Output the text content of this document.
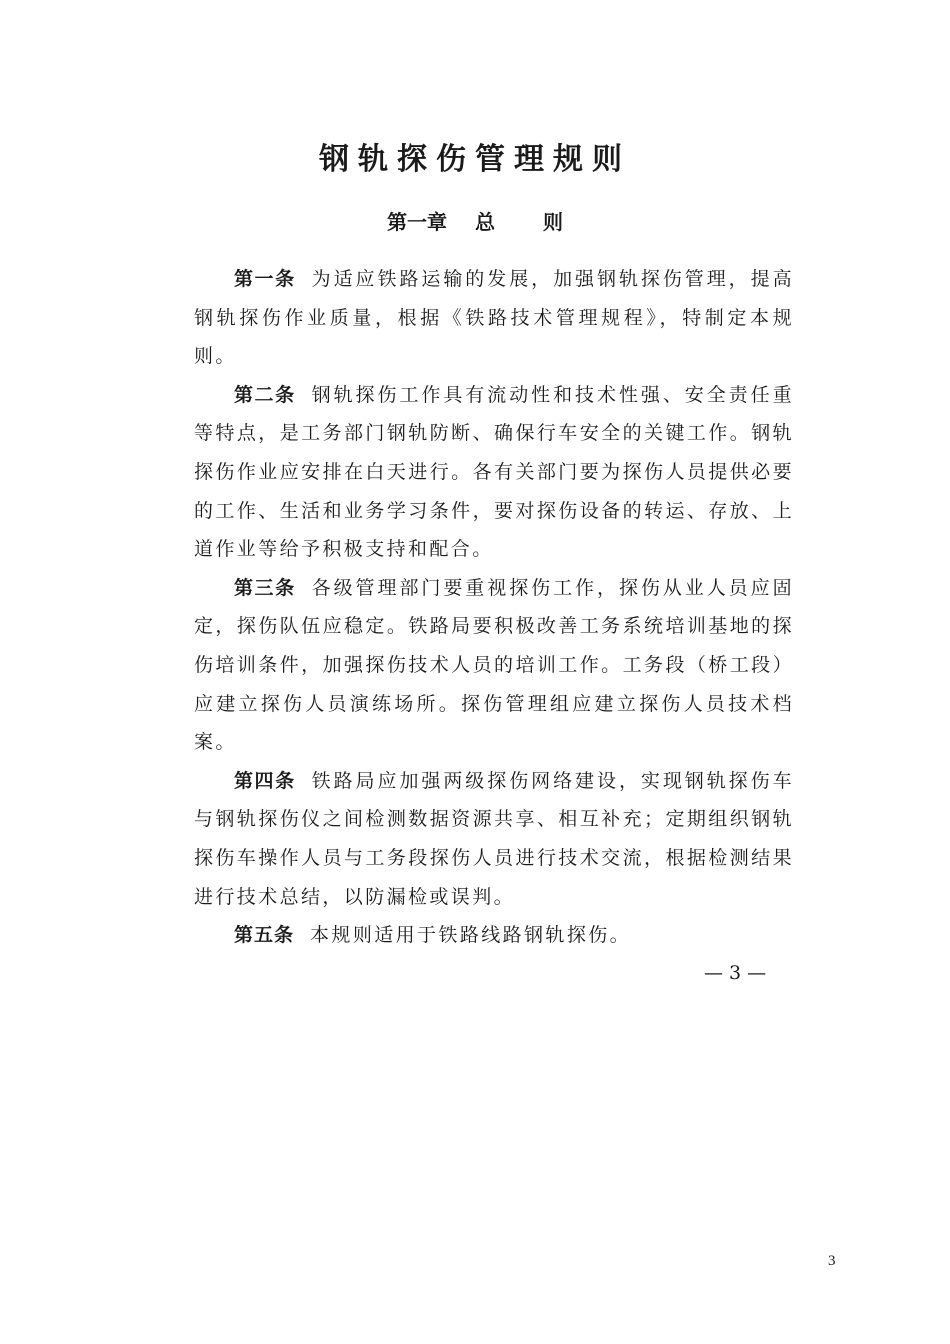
钢轨探伤管理规则
第一章 总 则

第一条 为适应铁路运输的发展，加强钢轨探伤管理，提高钢轨探伤作业质量，根据《铁路技术管理规程》，特制定本规则。

第二条 钢轨探伤工作具有流动性和技术性强、安全责任重等特点，是工务部门钢轨防断、确保行车安全的关键工作。钢轨探伤作业应安排在白天进行。各有关部门要为探伤人员提供必要的工作、生活和业务学习条件，要对探伤设备的转运、存放、上道作业等给予积极支持和配合。

第三条 各级管理部门要重视探伤工作，探伤从业人员应固定，探伤队伍应稳定。铁路局要积极改善工务系统培训基地的探伤培训条件，加强探伤技术人员的培训工作。工务段（桥工段）应建立探伤人员演练场所。探伤管理组应建立探伤人员技术档案。

第四条 铁路局应加强两级探伤网络建设，实现钢轨探伤车与钢轨探伤仪之间检测数据资源共享、相互补充；定期组织钢轨探伤车操作人员与工务段探伤人员进行技术交流，根据检测结果进行技术总结，以防漏检或误判。

第五条 本规则适用于铁路线路钢轨探伤。

— 3 —
3
